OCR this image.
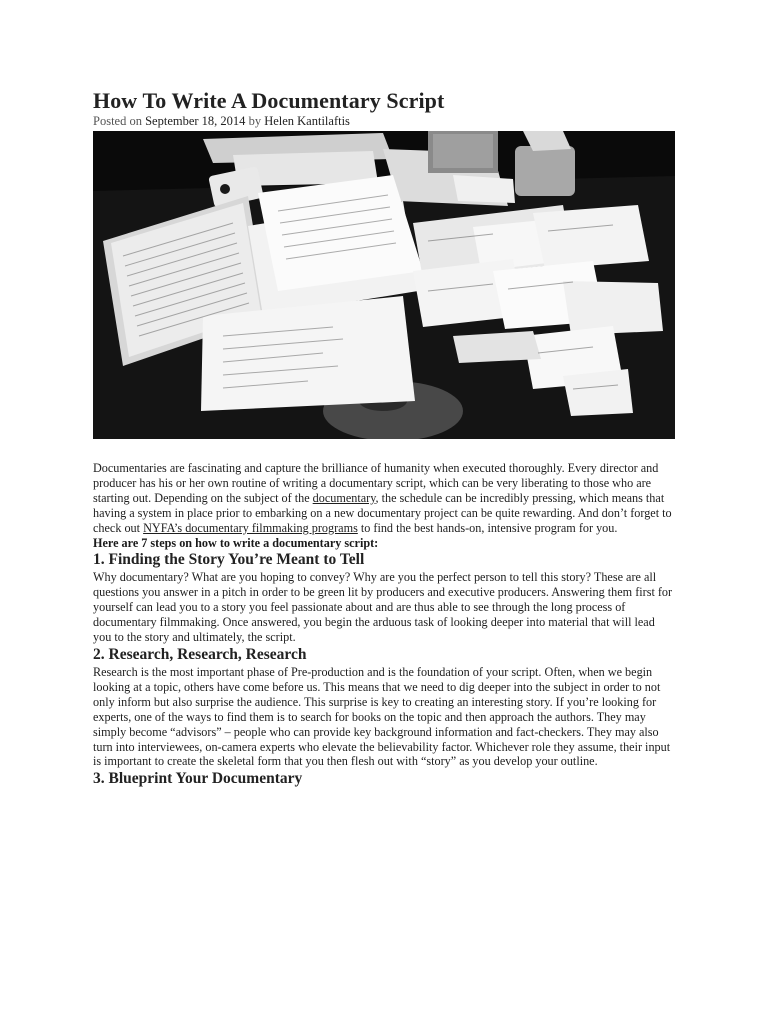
How To Write A Documentary Script

Posted on September 18, 2014 by Helen Kantilaftis

Documentaries are fascinating and capture the brilliance of humanity when executed thoroughly. Every director and producer has his or her own routine of writing a documentary script, which can be very liberating to those who are starting out. Depending on the subject of the documentary, the schedule can be incredibly pressing, which means that having a system in place prior to embarking on a new documentary project can be quite rewarding. And don’t forget to check out NYFA’s documentary filmmaking programs to find the best hands-on, intensive program for you.

Here are 7 steps on how to write a documentary script:

1. Finding the Story You’re Meant to Tell

Why documentary? What are you hoping to convey? Why are you the perfect person to tell this story? These are all questions you answer in a pitch in order to be green lit by producers and executive producers. Answering them first for yourself can lead you to a story you feel passionate about and are thus able to see through the long process of documentary filmmaking. Once answered, you begin the arduous task of looking deeper into material that will lead you to the story and ultimately, the script.

2. Research, Research, Research

Research is the most important phase of Pre-production and is the foundation of your script. Often, when we begin looking at a topic, others have come before us. This means that we need to dig deeper into the subject in order to not only inform but also surprise the audience. This surprise is key to creating an interesting story. If you’re looking for experts, one of the ways to find them is to search for books on the topic and then approach the authors. They may simply become “advisors” – people who can provide key background information and fact-checkers. They may also turn into interviewees, on-camera experts who elevate the believability factor. Whichever role they assume, their input is important to create the skeletal form that you then flesh out with “story” as you develop your outline.

3. Blueprint Your Documentary
